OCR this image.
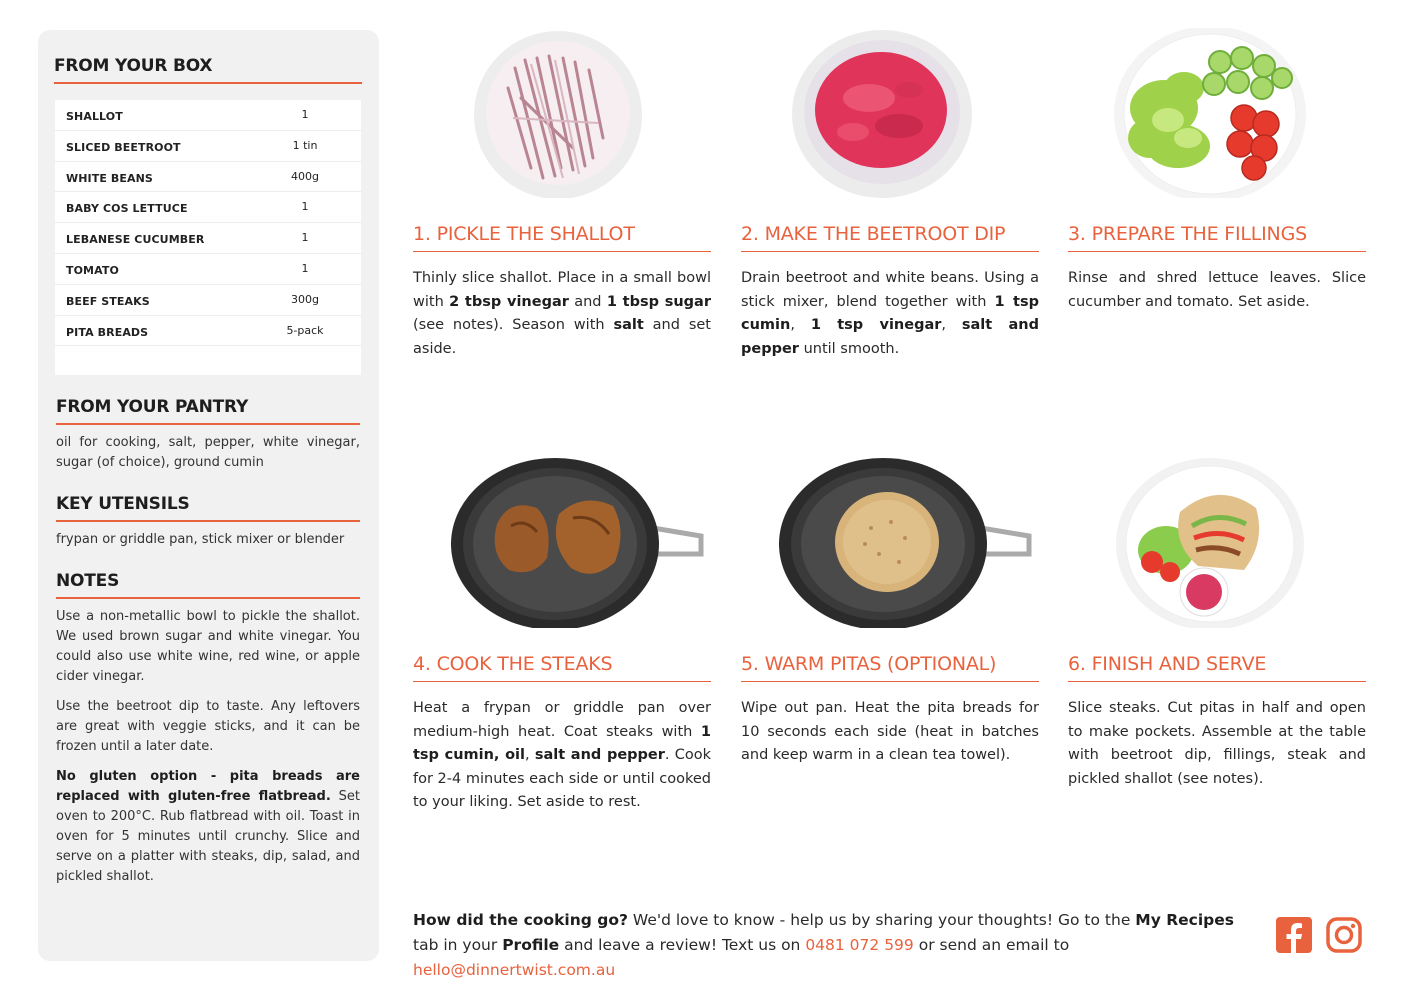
FROM YOUR BOX
SHALLOT	1
SLICED BEETROOT	1 tin
WHITE BEANS	400g
BABY COS LETTUCE	1
LEBANESE CUCUMBER	1
TOMATO	1
BEEF STEAKS	300g
PITA BREADS	5-pack
FROM YOUR PANTRY

oil for cooking, salt, pepper, white vinegar, sugar (of choice), ground cumin

KEY UTENSILS

frypan or griddle pan, stick mixer or blender

NOTES

Use a non-metallic bowl to pickle the shallot. We used brown sugar and white vinegar. You could also use white wine, red wine, or apple cider vinegar.

Use the beetroot dip to taste. Any leftovers are great with veggie sticks, and it can be frozen until a later date.

No gluten option - pita breads are replaced with gluten-free flatbread. Set oven to 200°C. Rub flatbread with oil. Toast in oven for 5 minutes until crunchy. Slice and serve on a platter with steaks, dip, salad, and pickled shallot.

1. PICKLE THE SHALLOT
Thinly slice shallot. Place in a small bowl with 2 tbsp vinegar and 1 tbsp sugar (see notes). Season with salt and set aside.
2. MAKE THE BEETROOT DIP
Drain beetroot and white beans. Using a stick mixer, blend together with 1 tsp cumin, 1 tsp vinegar, salt and pepper until smooth.
3. PREPARE THE FILLINGS
Rinse and shred lettuce leaves. Slice cucumber and tomato. Set aside.
4. COOK THE STEAKS
Heat a frypan or griddle pan over medium-high heat. Coat steaks with 1 tsp cumin, oil, salt and pepper. Cook for 2-4 minutes each side or until cooked to your liking. Set aside to rest.
5. WARM PITAS (OPTIONAL)
Wipe out pan. Heat the pita breads for 10 seconds each side (heat in batches and keep warm in a clean tea towel).
6. FINISH AND SERVE
Slice steaks. Cut pitas in half and open to make pockets. Assemble at the table with beetroot dip, fillings, steak and pickled shallot (see notes).
How did the cooking go? We'd love to know - help us by sharing your thoughts! Go to the My Recipes tab in your Profile and leave a review! Text us on 0481 072 599 or send an email to hello@dinnertwist.com.au
